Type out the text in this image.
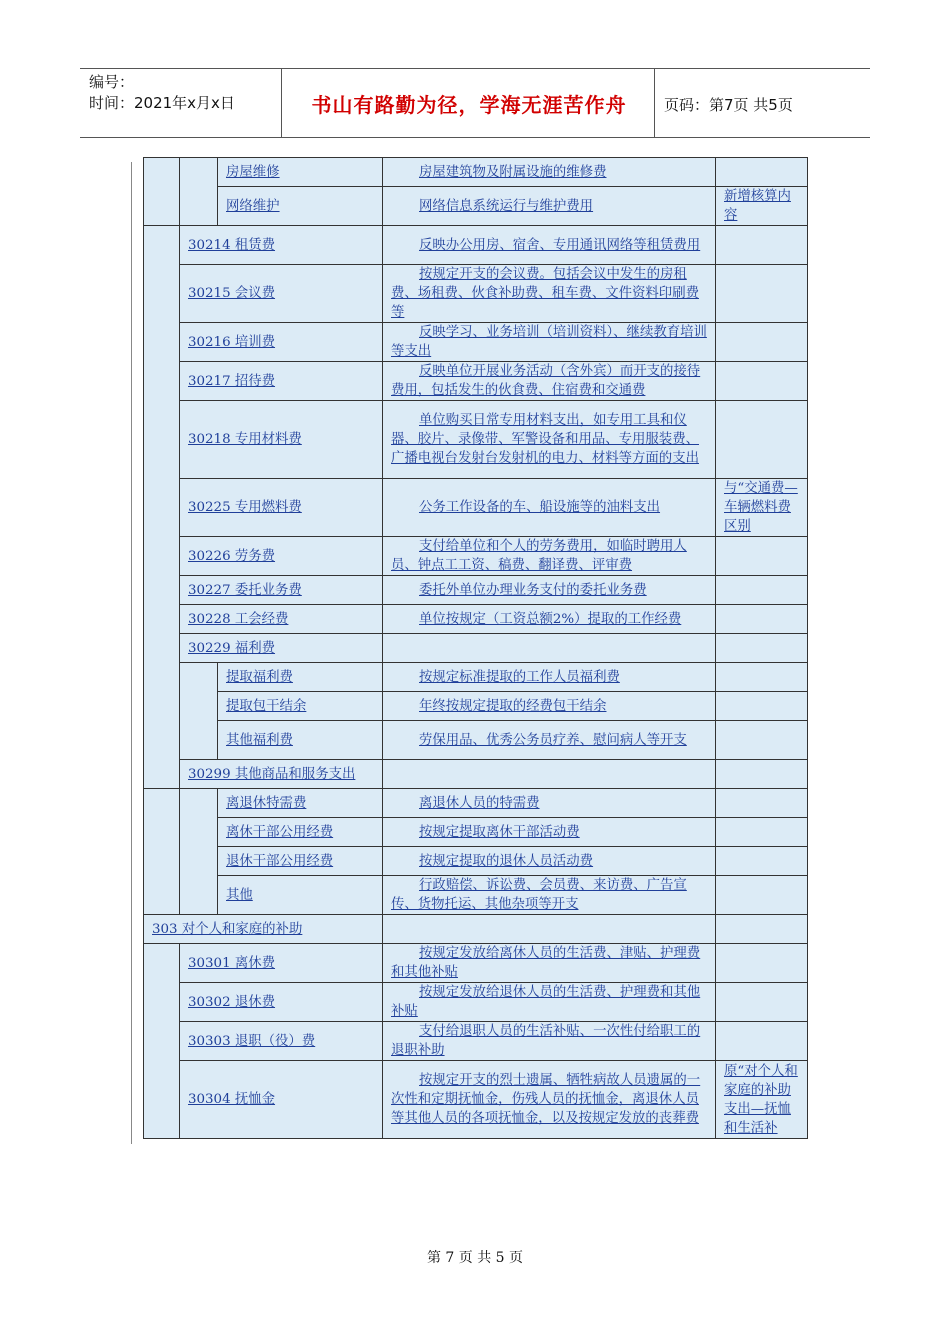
编号：
时间：2021年x月x日	书山有路勤为径，学海无涯苦作舟	页码：第7页 共5页
		房屋维修	房屋建筑物及附属设施的维修费	

		网络维护	网络信息系统运行与维护费用	新增核算内容
	30214 租赁费		反映办公用房、宿舍、专用通讯网络等租赁费用	

	30215 会议费		按规定开支的会议费。包括会议中发生的房租费、场租费、伙食补助费、租车费、文件资料印刷费等	

	30216 培训费		反映学习、业务培训（培训资料）、继续教育培训等支出	

	30217 招待费		反映单位开展业务活动（含外宾）而开支的接待费用，包括发生的伙食费、住宿费和交通费	

	30218 专用材料费		单位购买日常专用材料支出，如专用工具和仪器、胶片、录像带、军警设备和用品、专用服装费、广播电视台发射台发射机的电力、材料等方面的支出	

	30225 专用燃料费		公务工作设备的车、船设施等的油料支出	与“交通费—车辆燃料费区别
	30226 劳务费		支付给单位和个人的劳务费用，如临时聘用人员、钟点工工资、稿费、翻译费、评审费	

	30227 委托业务费		委托外单位办理业务支付的委托业务费	

	30228 工会经费		单位按规定（工资总额2%）提取的工作经费	

	30229 福利费		

		提取福利费	按规定标准提取的工作人员福利费	

		提取包干结余	年终按规定提取的经费包干结余	

		其他福利费	劳保用品、优秀公务员疗养、慰问病人等开支	

	30299 其他商品和服务支出		

		离退休特需费	离退休人员的特需费	

		离休干部公用经费	按规定提取离休干部活动费	

		退休干部公用经费	按规定提取的退休人员活动费	

		其他	行政赔偿、诉讼费、会员费、来访费、广告宣传、货物托运、其他杂项等开支	

303 对个人和家庭的补助			

	30301 离休费		按规定发放给离休人员的生活费、津贴、护理费和其他补贴	

	30302 退休费		按规定发放给退休人员的生活费、护理费和其他补贴	

	30303 退职（役）费		支付给退职人员的生活补贴、一次性付给职工的退职补助	

	30304 抚恤金		按规定开支的烈士遗属、牺牲病故人员遗属的一次性和定期抚恤金，伤残人员的抚恤金，离退休人员等其他人员的各项抚恤金，以及按规定发放的丧葬费	原“对个人和家庭的补助支出—抚恤和生活补
第 7 页 共 5 页
